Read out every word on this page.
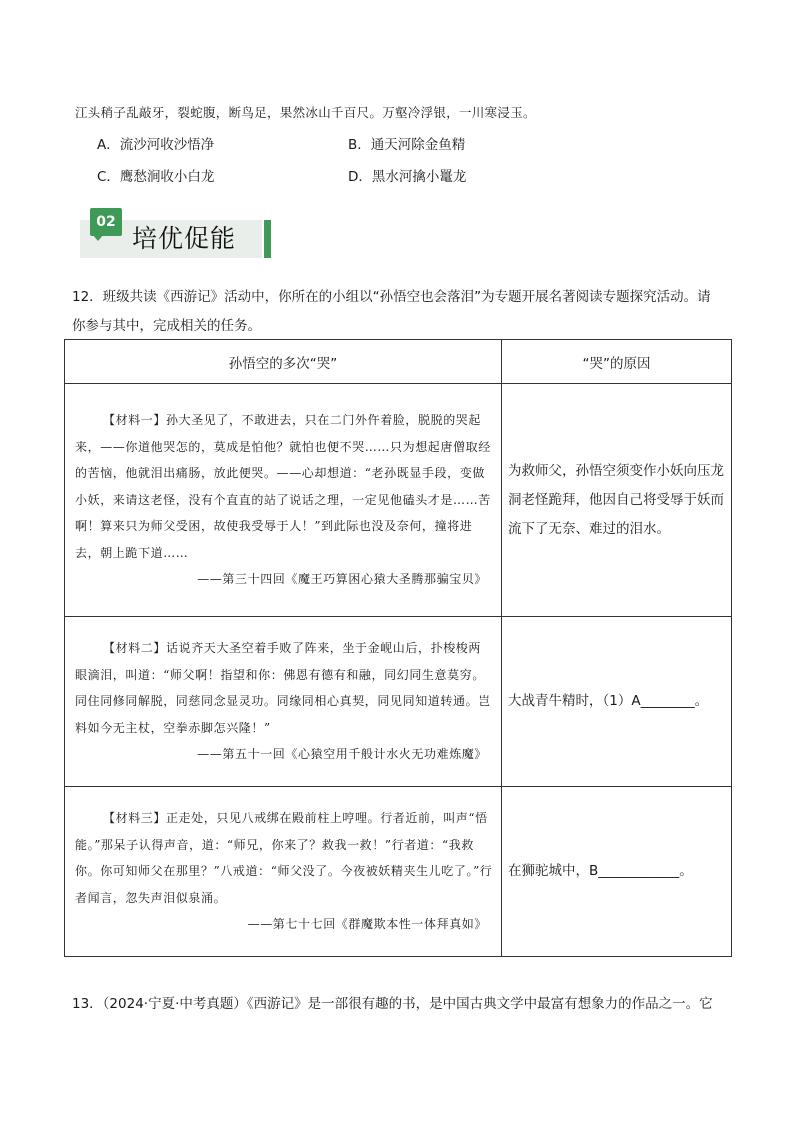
江头稍子乱敲牙，裂蛇腹，断鸟足，果然冰山千百尺。万壑冷浮银，一川寒浸玉。
A．流沙河收沙悟净	B．通天河除金鱼精
C．鹰愁涧收小白龙	D．黑水河擒小鼍龙
02
培优促能
12．班级共读《西游记》活动中，你所在的小组以“孙悟空也会落泪”为专题开展名著阅读专题探究活动。请
你参与其中，完成相关的任务。
孙悟空的多次“哭”	“哭”的原因

【材料一】孙大圣见了，不敢进去，只在二门外仵着脸，脱脱的哭起来，——你道他哭怎的，莫成是怕他？就怕也便不哭……只为想起唐僧取经的苦恼，他就泪出痛肠，放此便哭。——心却想道：“老孙既显手段，变做小妖，来请这老怪，没有个直直的站了说话之理，一定见他磕头才是……苦啊！算来只为师父受困，故使我受辱于人！”到此际也没及奈何，撞将进去，朝上跪下道……
——第三十四回《魔王巧算困心猿大圣腾那骗宝贝》	为救师父，孙悟空须变作小妖向压龙洞老怪跪拜，他因自己将受辱于妖而流下了无奈、难过的泪水。

【材料二】话说齐天大圣空着手败了阵来，坐于金岘山后，扑梭梭两眼滴泪，叫道：“师父啊！指望和你：佛恩有德有和融，同幻同生意莫穷。同住同修同解脱，同慈同念显灵功。同缘同相心真契，同见同知道转通。岂料如今无主杖，空拳赤脚怎兴隆！”
——第五十一回《心猿空用千般计水火无功难炼魔》	大战青牛精时，（1）A________。

【材料三】正走处，只见八戒绑在殿前柱上哼哩。行者近前，叫声“悟能。”那呆子认得声音，道：“师兄，你来了？救我一救！”行者道：“我救你。你可知师父在那里？”八戒道：“师父没了。今夜被妖精夹生儿吃了。”行者闻言，忽失声泪似泉涌。
——第七十七回《群魔欺本性一体拜真如》	在狮驼城中，B____________。
13．（2024·宁夏·中考真题）《西游记》是一部很有趣的书，是中国古典文学中最富有想象力的作品之一。它
